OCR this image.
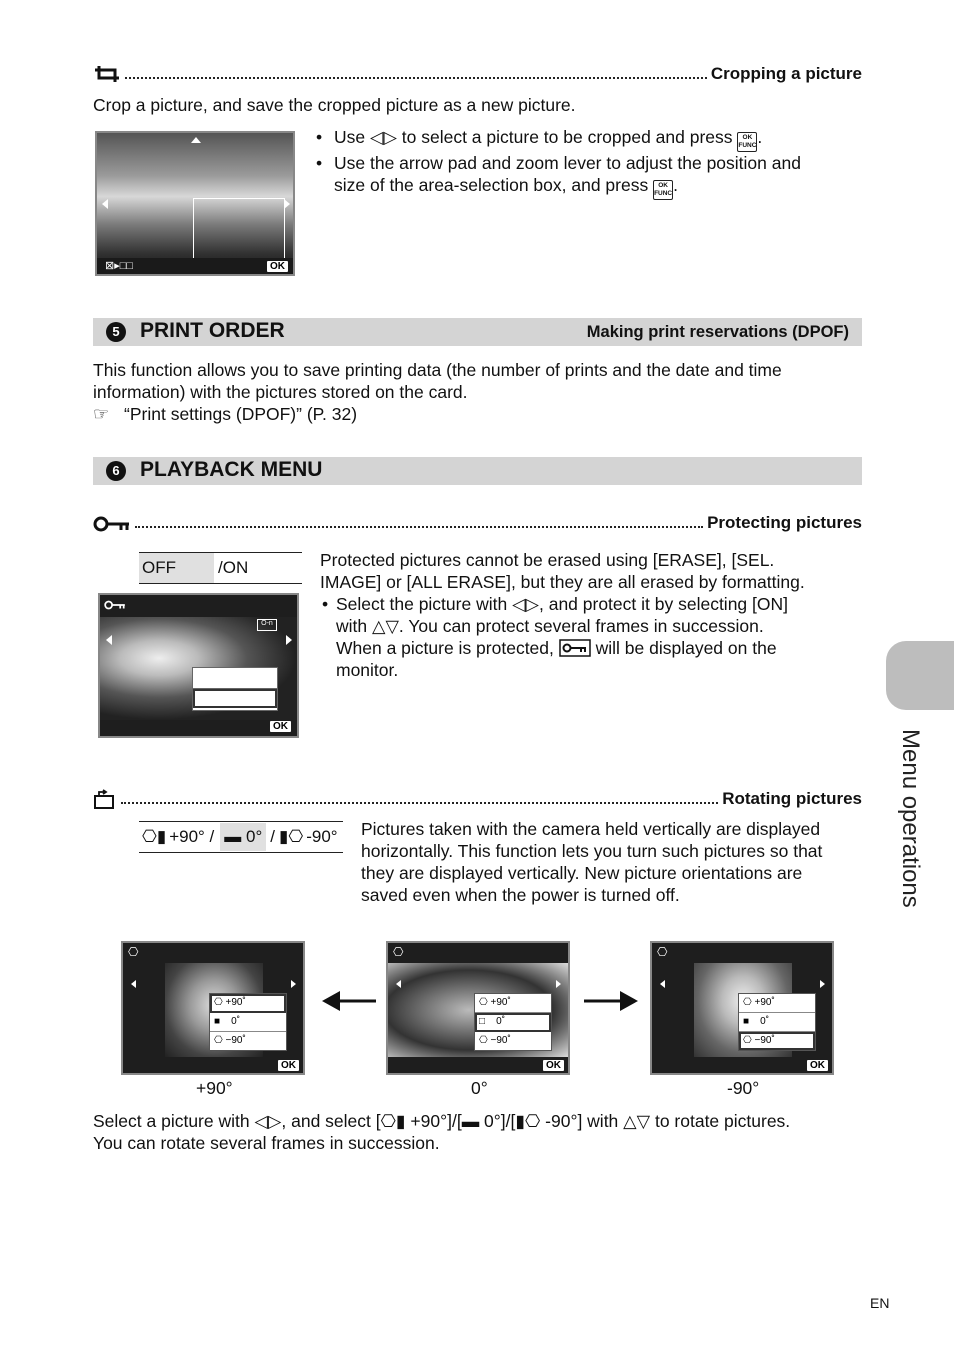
Cropping a picture
Crop a picture, and save the cropped picture as a new picture.
⊠▸□□	OK
• Use ◁▷ to select a picture to be cropped and press OK
FUNC.
• Use the arrow pad and zoom lever to adjust the position and
size of the area-selection box, and press OK
FUNC.
5 PRINT ORDER	Making print reservations (DPOF)
This function allows you to save printing data (the number of prints and the date and time
information) with the pictures stored on the card.
☞ “Print settings (DPOF)” (P. 32)
6 PLAYBACK MENU
Protecting pictures
OFF	/ON
O-n
OK
Protected pictures cannot be erased using [ERASE], [SEL.
IMAGE] or [ALL ERASE], but they are all erased by formatting.
• Select the picture with ◁▷, and protect it by selecting [ON]
with △▽. You can protect several frames in succession.
When a picture is protected,  will be displayed on the
monitor.
Rotating pictures
⎔▮ +90° / ▬ 0° / ▮⎔ -90° Pictures taken with the camera held vertically are displayed
horizontally. This function lets you turn such pictures so that
they are displayed vertically. New picture orientations are
saved even when the power is turned off.
⎔
⎔ +90˚
■ 0˚
⎔ −90˚
OK
⎔
⎔ +90˚
□ 0˚
⎔ −90˚
OK
⎔
⎔ +90˚
■ 0˚
⎔ −90˚
OK
+90°	0°	-90°
Select a picture with ◁▷, and select [⎔▮ +90°]/[▬ 0°]/[▮⎔ -90°] with △▽ to rotate pictures.
You can rotate several frames in succession.
Menu operations
EN
